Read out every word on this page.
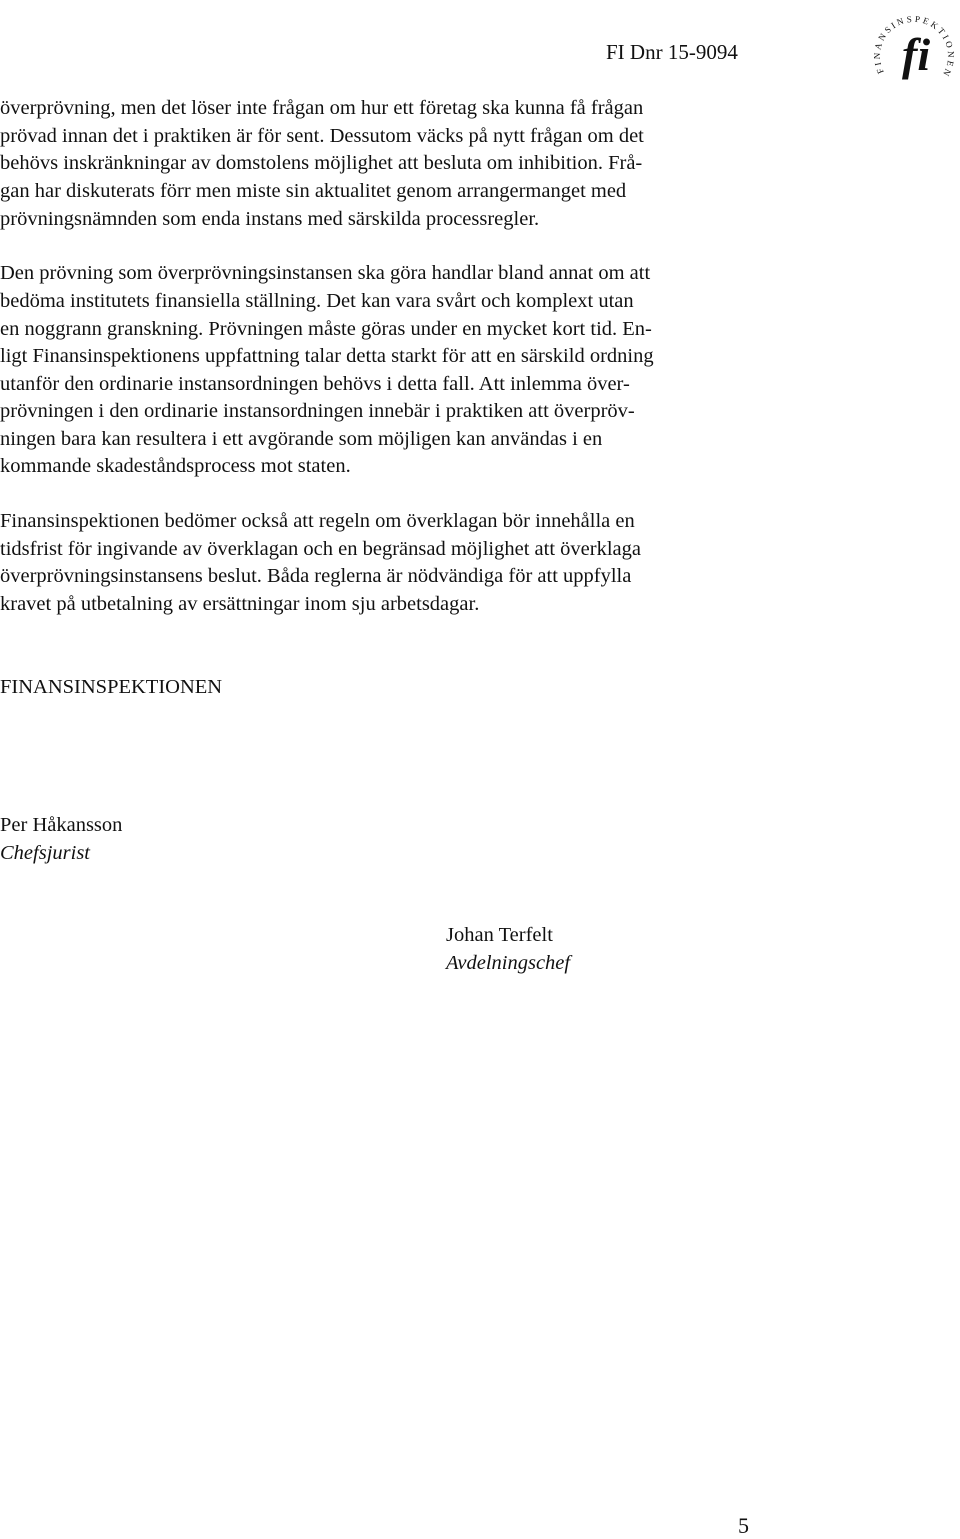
FI Dnr 15-9094
FINANSINSPEKTIONEN
fi
överprövning, men det löser inte frågan om hur ett företag ska kunna få frågan
prövad innan det i praktiken är för sent. Dessutom väcks på nytt frågan om det
behövs inskränkningar av domstolens möjlighet att besluta om inhibition. Frå-
gan har diskuterats förr men miste sin aktualitet genom arrangermanget med
prövningsnämnden som enda instans med särskilda processregler.
Den prövning som överprövningsinstansen ska göra handlar bland annat om att
bedöma institutets finansiella ställning. Det kan vara svårt och komplext utan
en noggrann granskning. Prövningen måste göras under en mycket kort tid. En-
ligt Finansinspektionens uppfattning talar detta starkt för att en särskild ordning
utanför den ordinarie instansordningen behövs i detta fall. Att inlemma över-
prövningen i den ordinarie instansordningen innebär i praktiken att överpröv-
ningen bara kan resultera i ett avgörande som möjligen kan användas i en
kommande skadeståndsprocess mot staten.
Finansinspektionen bedömer också att regeln om överklagan bör innehålla en
tidsfrist för ingivande av överklagan och en begränsad möjlighet att överklaga
överprövningsinstansens beslut. Båda reglerna är nödvändiga för att uppfylla
kravet på utbetalning av ersättningar inom sju arbetsdagar.
FINANSINSPEKTIONEN
Per Håkansson
Chefsjurist
Johan Terfelt
Avdelningschef
5
